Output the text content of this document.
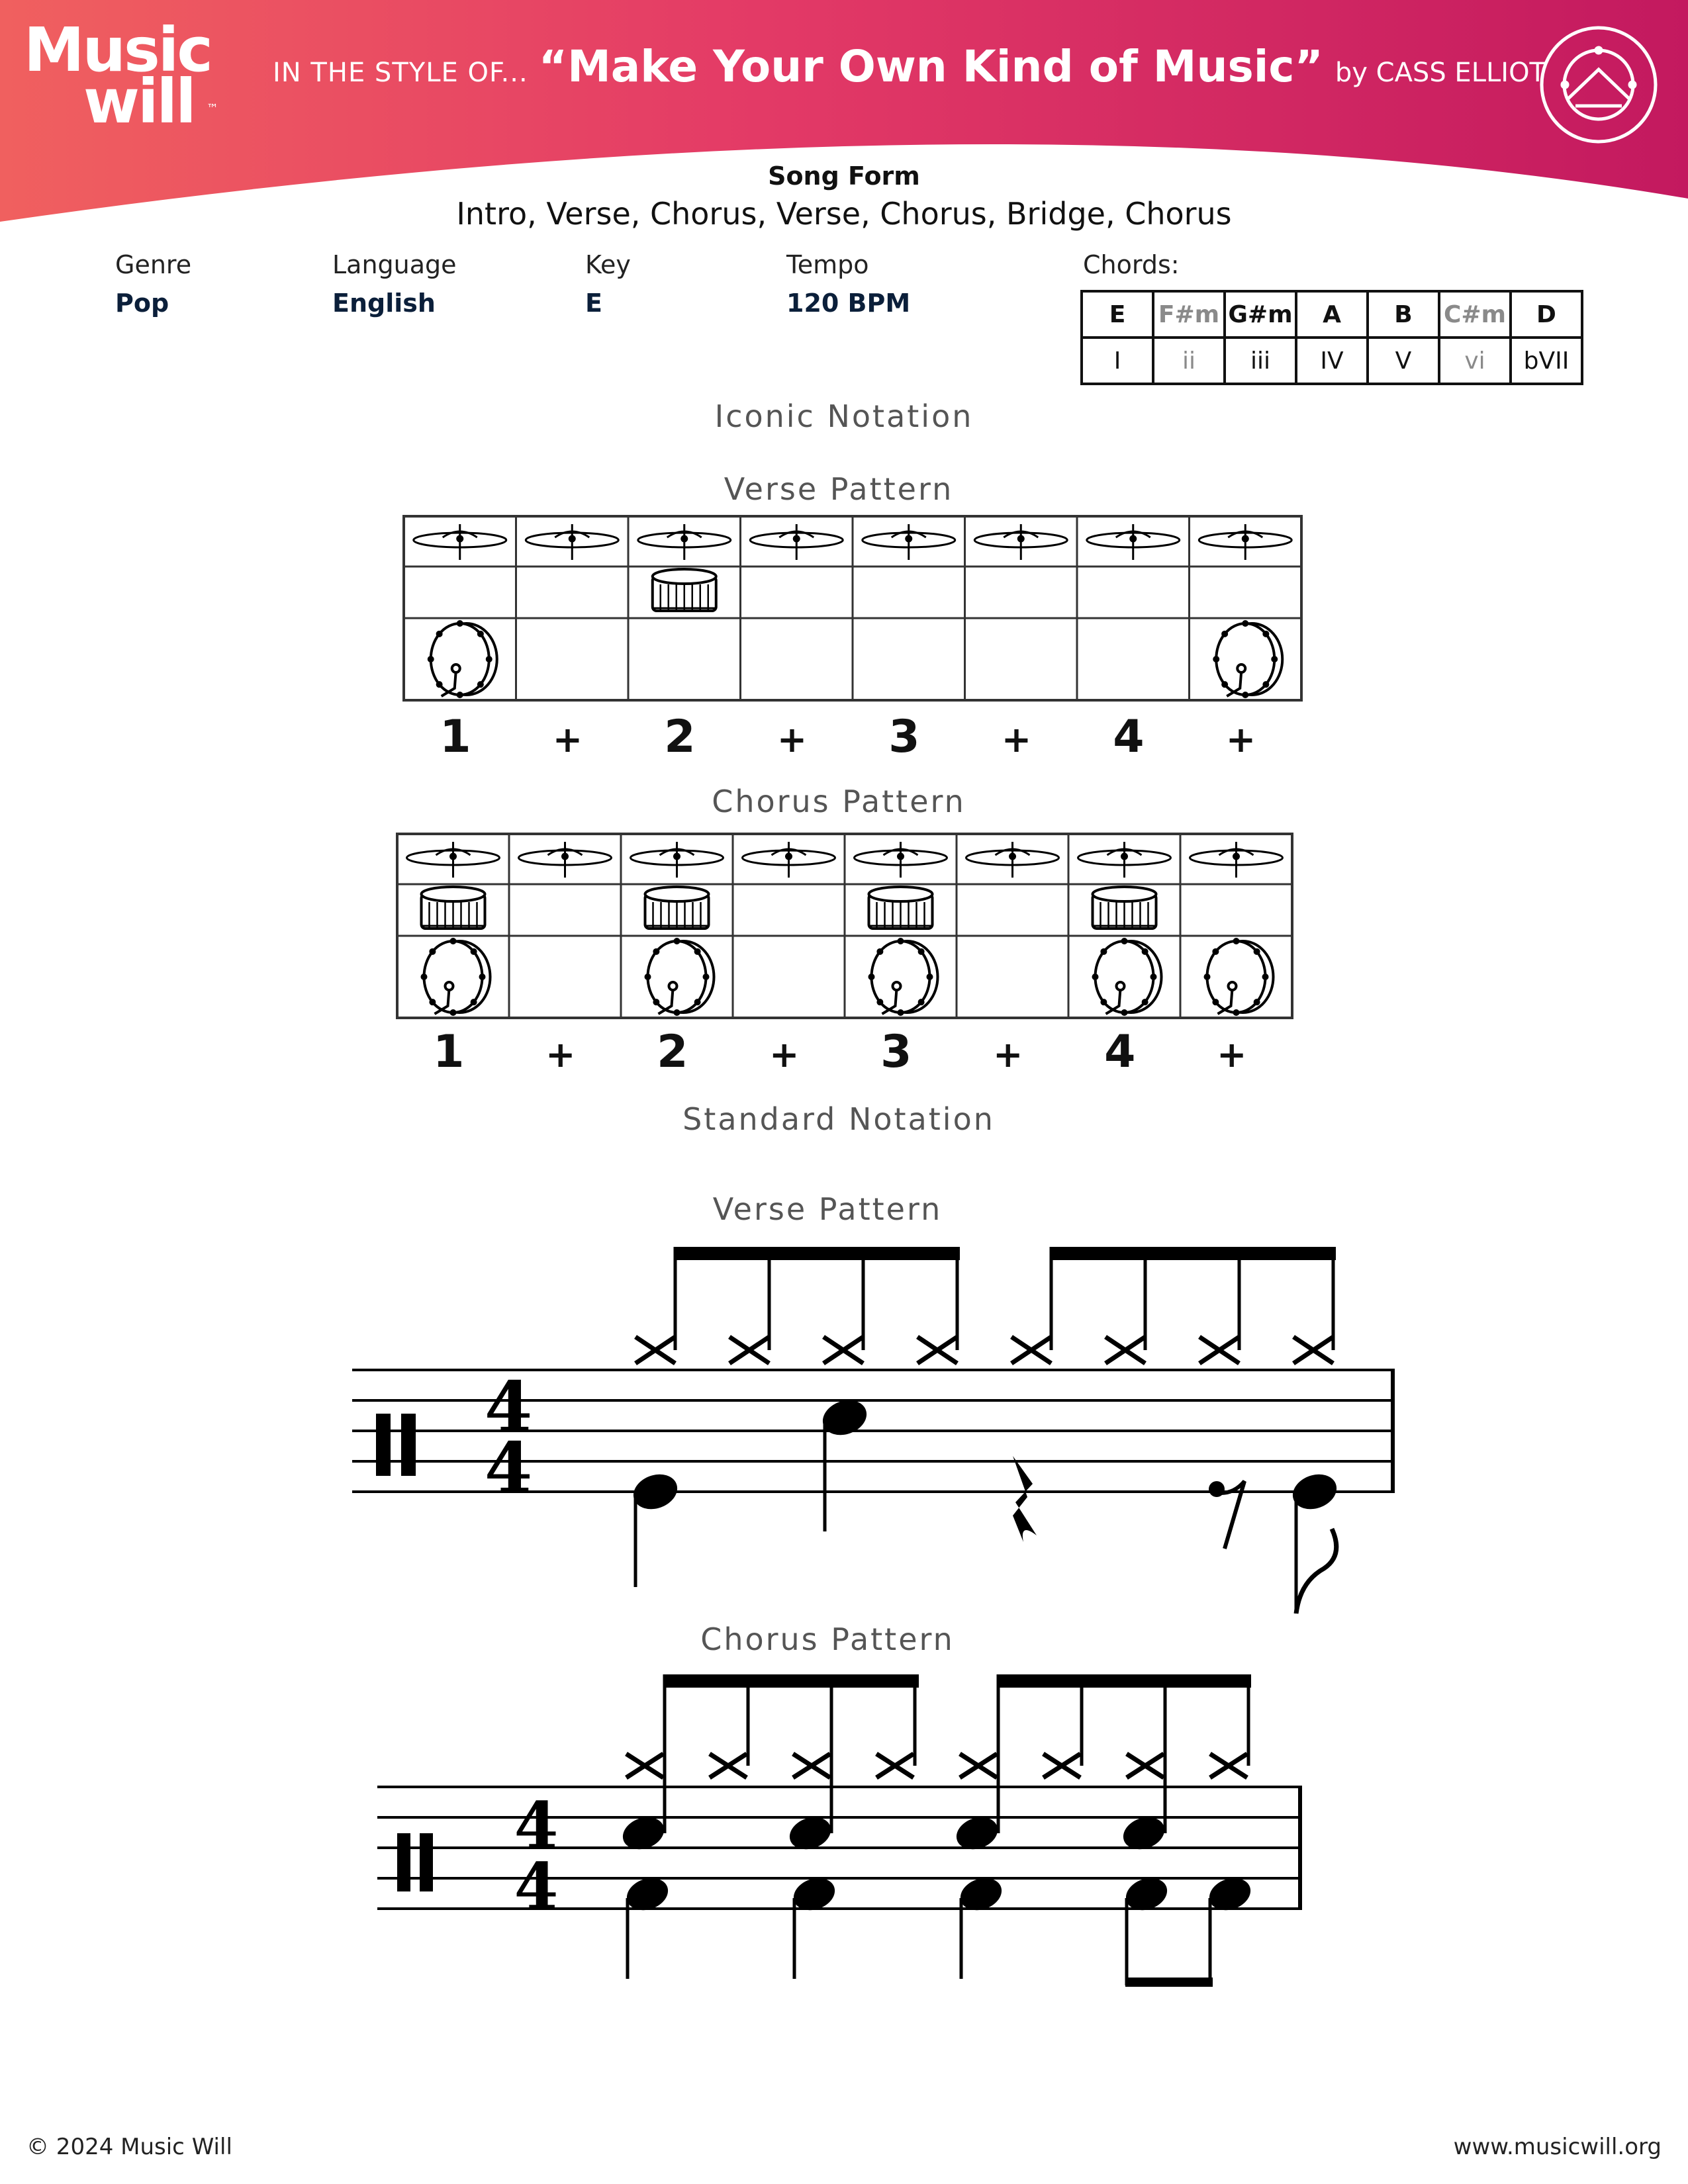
Music
will ™
IN THE STYLE OF... “Make Your Own Kind of Music” by CASS ELLIOT
Song Form
Intro, Verse, Chorus, Verse, Chorus, Bridge, Chorus
Genre
Pop
Language
English
Key
E
Tempo
120 BPM
Chords:
E	F#m	G#m	A	B	C#m	D
I	ii	iii	IV	V	vi	bVII
Iconic Notation
Verse Pattern
Chorus Pattern
1 + 2 + 3 + 4 +
1 + 2 + 3 + 4 +
Standard Notation
Verse Pattern
Chorus Pattern
4
4
4
4
© 2024 Music Will	www.musicwill.org
